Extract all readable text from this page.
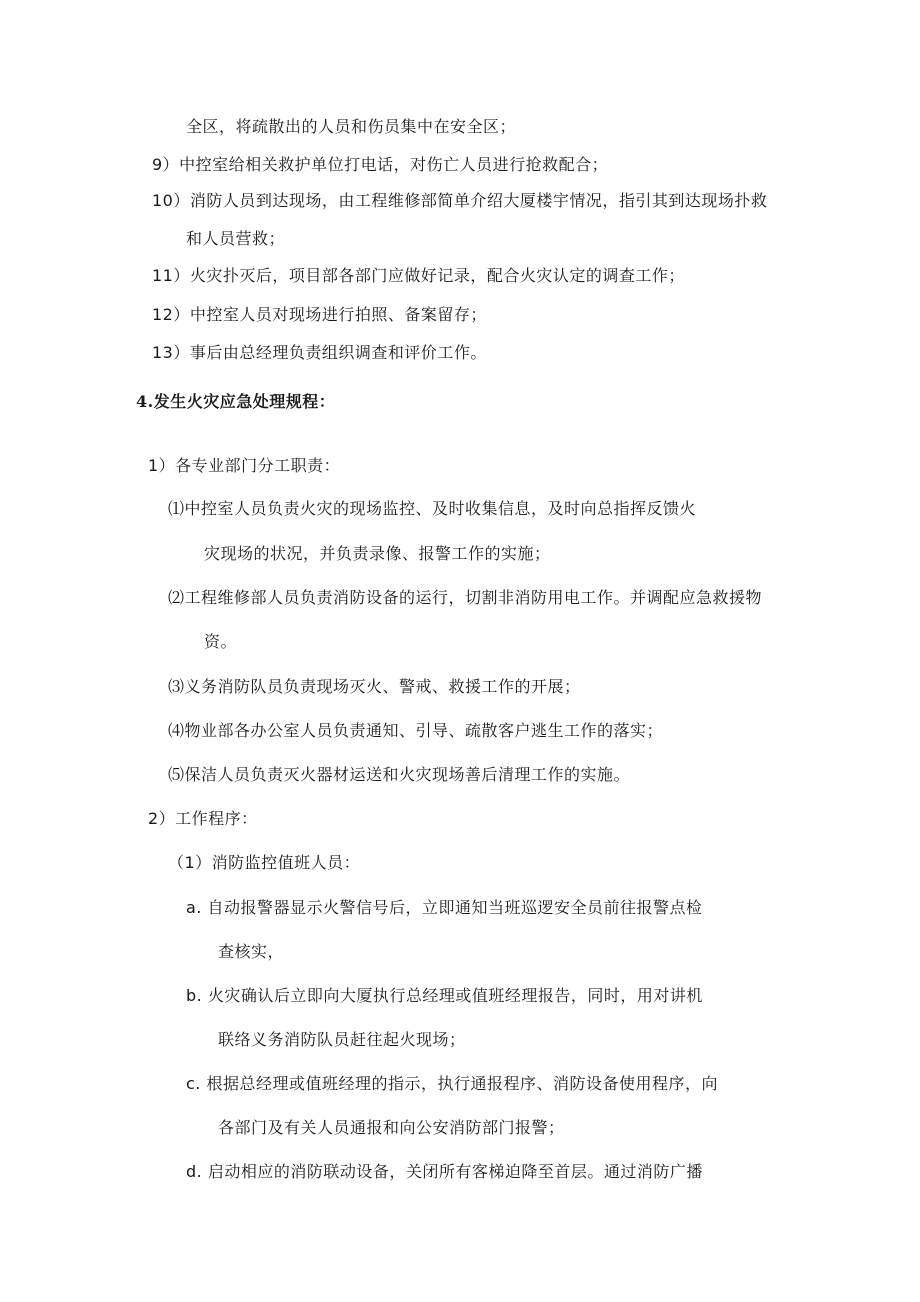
全区，将疏散出的人员和伤员集中在安全区；
9）中控室给相关救护单位打电话，对伤亡人员进行抢救配合；
10）消防人员到达现场，由工程维修部简单介绍大厦楼宇情况，指引其到达现场扑救
和人员营救；
11）火灾扑灭后，项目部各部门应做好记录，配合火灾认定的调查工作；
12）中控室人员对现场进行拍照、备案留存；
13）事后由总经理负责组织调查和评价工作。
4.发生火灾应急处理规程：
1）各专业部门分工职责：
⑴中控室人员负责火灾的现场监控、及时收集信息，及时向总指挥反馈火
灾现场的状况，并负责录像、报警工作的实施；
⑵工程维修部人员负责消防设备的运行，切割非消防用电工作。并调配应急救援物
资。
⑶义务消防队员负责现场灭火、警戒、救援工作的开展；
⑷物业部各办公室人员负责通知、引导、疏散客户逃生工作的落实；
⑸保洁人员负责灭火器材运送和火灾现场善后清理工作的实施。
2）工作程序：
（1）消防监控值班人员：
a. 自动报警器显示火警信号后，立即通知当班巡逻安全员前往报警点检
查核实，
b. 火灾确认后立即向大厦执行总经理或值班经理报告，同时，用对讲机
联络义务消防队员赶往起火现场；
c. 根据总经理或值班经理的指示，执行通报程序、消防设备使用程序，向
各部门及有关人员通报和向公安消防部门报警；
d. 启动相应的消防联动设备，关闭所有客梯迫降至首层。通过消防广播
